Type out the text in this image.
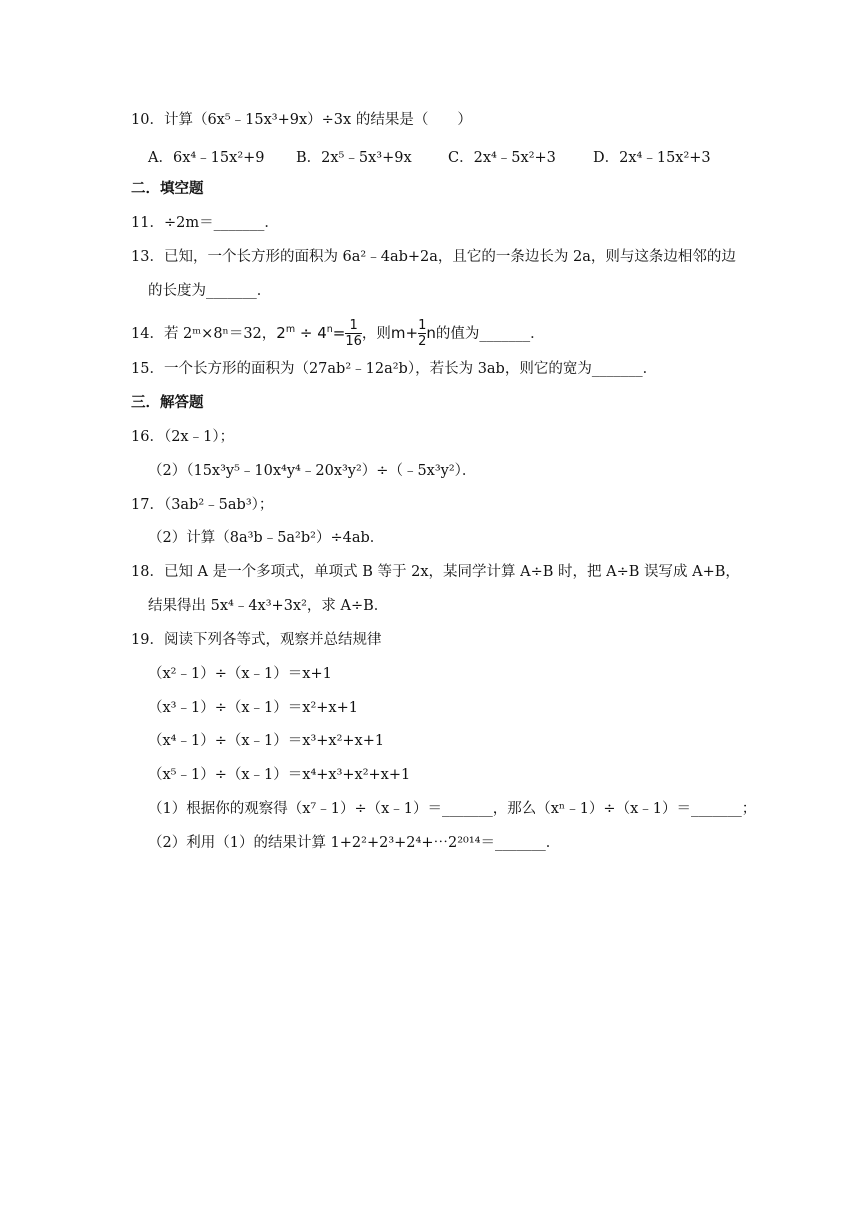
10．计算（6x⁵﹣15x³+9x）÷3x 的结果是（　　）
A．6x⁴﹣15x²+9 B．2x⁵﹣5x³+9x	C．2x⁴﹣5x²+3	D．2x⁴﹣15x²+3
二．填空题
11．÷2m＝_______．
13．已知，一个长方形的面积为 6a²﹣4ab+2a，且它的一条边长为 2a，则与这条边相邻的边
的长度为_______．
14．若 2ᵐ×8ⁿ＝32，$2^m \div 4^n= \frac{1}{16}$ ，则$m+ \frac{1}{2}$ n的值为_______．
15．一个长方形的面积为（27ab²﹣12a²b），若长为 3ab，则它的宽为_______．
三．解答题
16．（2x﹣1）；
（2）（15x³y⁵﹣10x⁴y⁴﹣20x³y²）÷（﹣5x³y²）．
17．（3ab²﹣5ab³）；
（2）计算（8a³b﹣5a²b²）÷4ab．
18．已知 A 是一个多项式，单项式 B 等于 2x，某同学计算 A÷B 时，把 A÷B 误写成 A+B，
结果得出 5x⁴﹣4x³+3x²，求 A÷B．
19．阅读下列各等式，观察并总结规律
（x²﹣1）÷（x﹣1）＝x+1
（x³﹣1）÷（x﹣1）＝x²+x+1
（x⁴﹣1）÷（x﹣1）＝x³+x²+x+1
（x⁵﹣1）÷（x﹣1）＝x⁴+x³+x²+x+1
（1）根据你的观察得（x⁷﹣1）÷（x﹣1）＝_______，那么（xⁿ﹣1）÷（x﹣1）＝_______；
（2）利用（1）的结果计算 1+2²+2³+2⁴+⋯2²⁰¹⁴＝_______．
